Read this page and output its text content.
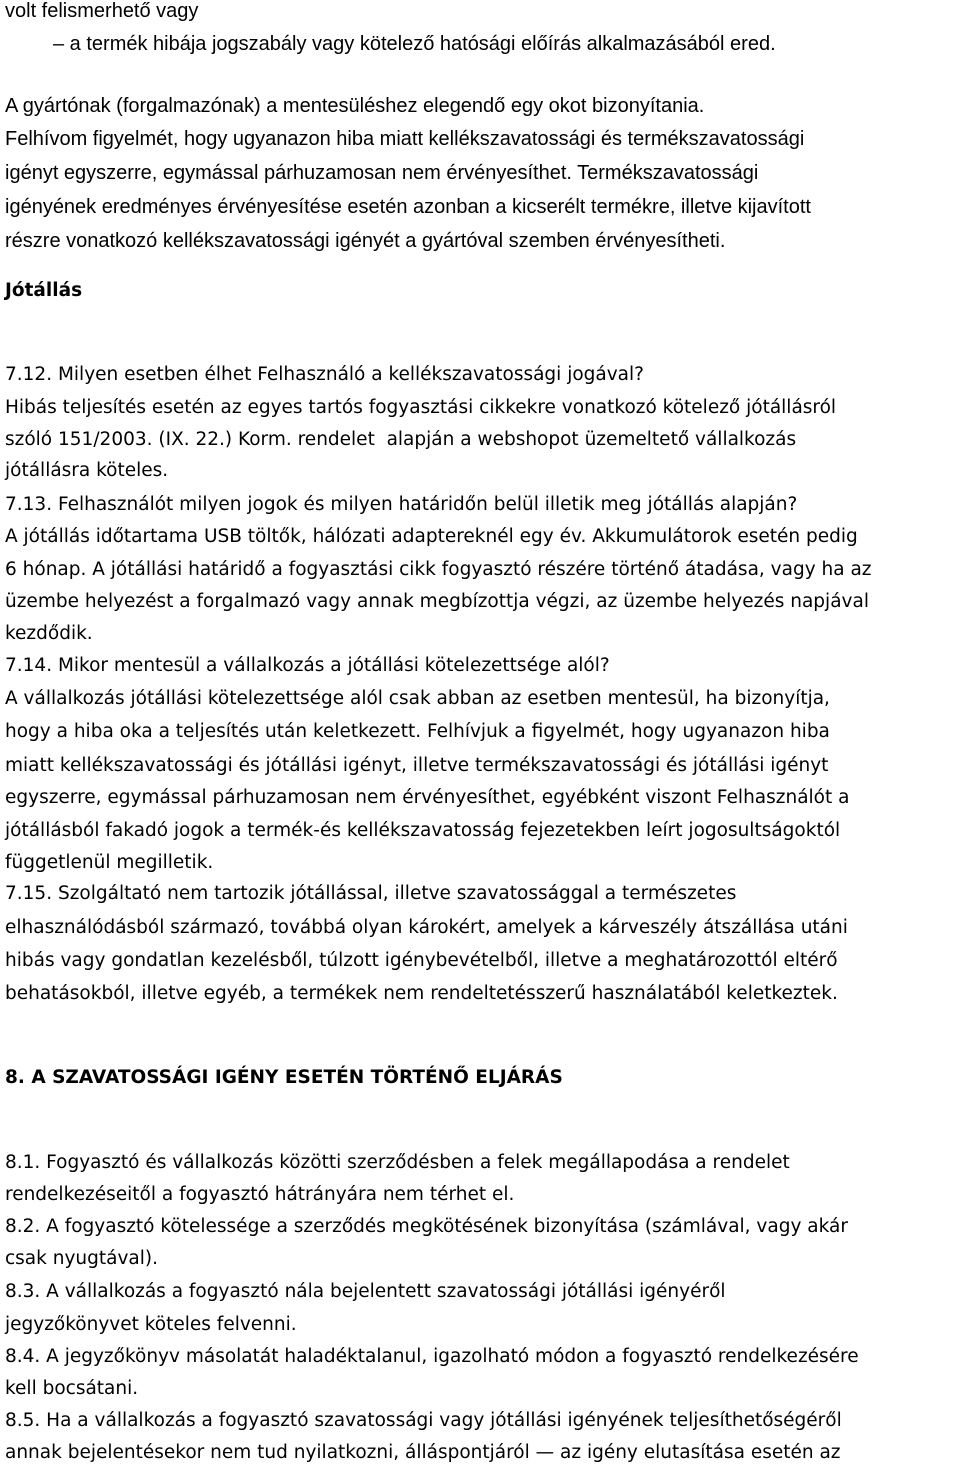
volt felismerhető vagy

– a termék hibája jogszabály vagy kötelező hatósági előírás alkalmazásából ered.

A gyártónak (forgalmazónak) a mentesüléshez elegendő egy okot bizonyítania.

Felhívom figyelmét, hogy ugyanazon hiba miatt kellékszavatossági és termékszavatossági

igényt egyszerre, egymással párhuzamosan nem érvényesíthet. Termékszavatossági

igényének eredményes érvényesítése esetén azonban a kicserélt termékre, illetve kijavított

részre vonatkozó kellékszavatossági igényét a gyártóval szemben érvényesítheti.

Jótállás

7.12. Milyen esetben élhet Felhasználó a kellékszavatossági jogával?

Hibás teljesítés esetén az egyes tartós fogyasztási cikkekre vonatkozó kötelező jótállásról

szóló 151/2003. (IX. 22.) Korm. rendelet  alapján a webshopot üzemeltető vállalkozás

jótállásra köteles.

7.13. Felhasználót milyen jogok és milyen határidőn belül illetik meg jótállás alapján?

A jótállás időtartama USB töltők, hálózati adaptereknél egy év. Akkumulátorok esetén pedig

6 hónap. A jótállási határidő a fogyasztási cikk fogyasztó részére történő átadása, vagy ha az

üzembe helyezést a forgalmazó vagy annak megbízottja végzi, az üzembe helyezés napjával

kezdődik.

7.14. Mikor mentesül a vállalkozás a jótállási kötelezettsége alól?

A vállalkozás jótállási kötelezettsége alól csak abban az esetben mentesül, ha bizonyítja,

hogy a hiba oka a teljesítés után keletkezett. Felhívjuk a figyelmét, hogy ugyanazon hiba

miatt kellékszavatossági és jótállási igényt, illetve termékszavatossági és jótállási igényt

egyszerre, egymással párhuzamosan nem érvényesíthet, egyébként viszont Felhasználót a

jótállásból fakadó jogok a termék-és kellékszavatosság fejezetekben leírt jogosultságoktól

függetlenül megilletik.

7.15. Szolgáltató nem tartozik jótállással, illetve szavatossággal a természetes

elhasználódásból származó, továbbá olyan károkért, amelyek a kárveszély átszállása utáni

hibás vagy gondatlan kezelésből, túlzott igénybevételből, illetve a meghatározottól eltérő

behatásokból, illetve egyéb, a termékek nem rendeltetésszerű használatából keletkeztek.

8. A SZAVATOSSÁGI IGÉNY ESETÉN TÖRTÉNŐ ELJÁRÁS

8.1. Fogyasztó és vállalkozás közötti szerződésben a felek megállapodása a rendelet

rendelkezéseitől a fogyasztó hátrányára nem térhet el.

8.2. A fogyasztó kötelessége a szerződés megkötésének bizonyítása (számlával, vagy akár

csak nyugtával).

8.3. A vállalkozás a fogyasztó nála bejelentett szavatossági jótállási igényéről

jegyzőkönyvet köteles felvenni.

8.4. A jegyzőkönyv másolatát haladéktalanul, igazolható módon a fogyasztó rendelkezésére

kell bocsátani.

8.5. Ha a vállalkozás a fogyasztó szavatossági vagy jótállási igényének teljesíthetőségéről

annak bejelentésekor nem tud nyilatkozni, álláspontjáról — az igény elutasítása esetén az
